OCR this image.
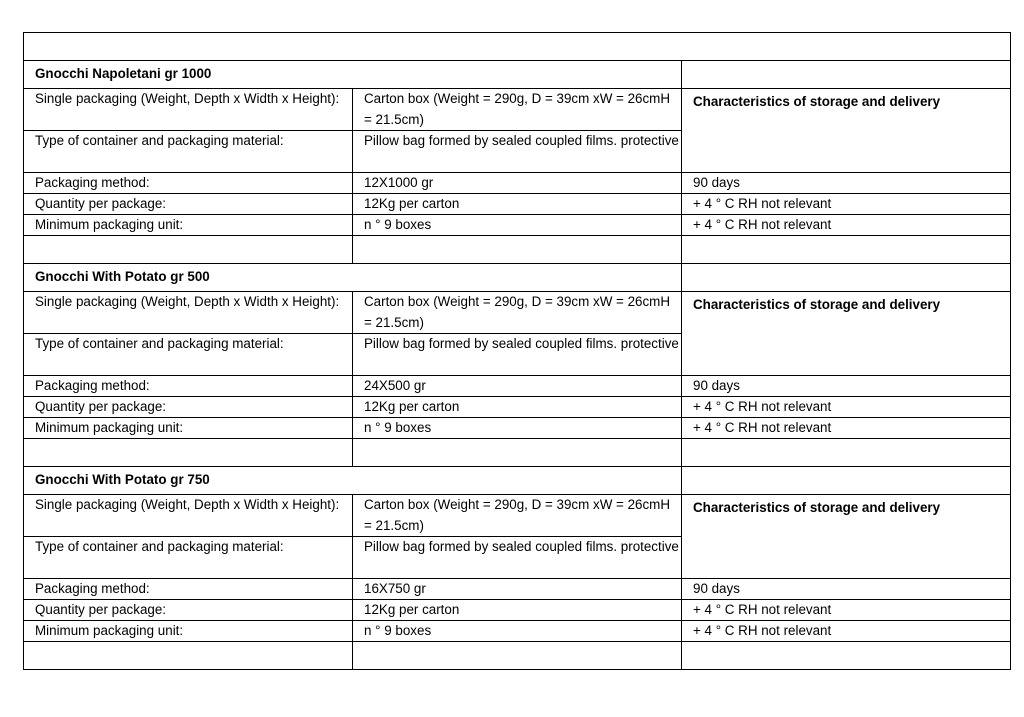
Gnocchi Napoletani gr 1000		
Single packaging (Weight, Depth x Width x Height):	Carton box (Weight = 290g, D = 39cm xW = 26cmH = 21.5cm)	Characteristics of storage and delivery
Type of container and packaging material:	Pillow bag formed by sealed coupled films. protective	
Packaging method:	12X1000 gr	90 days
Quantity per package:	12Kg per carton	+ 4 ° C RH not relevant
Minimum packaging unit:	n ° 9 boxes	+ 4 ° C RH not relevant

Gnocchi With Potato gr 500		
Single packaging (Weight, Depth x Width x Height):	Carton box (Weight = 290g, D = 39cm xW = 26cmH = 21.5cm)	Characteristics of storage and delivery
Type of container and packaging material:	Pillow bag formed by sealed coupled films. protective	
Packaging method:	24X500 gr	90 days
Quantity per package:	12Kg per carton	+ 4 ° C RH not relevant
Minimum packaging unit:	n ° 9 boxes	+ 4 ° C RH not relevant

Gnocchi With Potato gr 750		
Single packaging (Weight, Depth x Width x Height):	Carton box (Weight = 290g, D = 39cm xW = 26cmH = 21.5cm)	Characteristics of storage and delivery
Type of container and packaging material:	Pillow bag formed by sealed coupled films. protective	
Packaging method:	16X750 gr	90 days
Quantity per package:	12Kg per carton	+ 4 ° C RH not relevant
Minimum packaging unit:	n ° 9 boxes	+ 4 ° C RH not relevant
